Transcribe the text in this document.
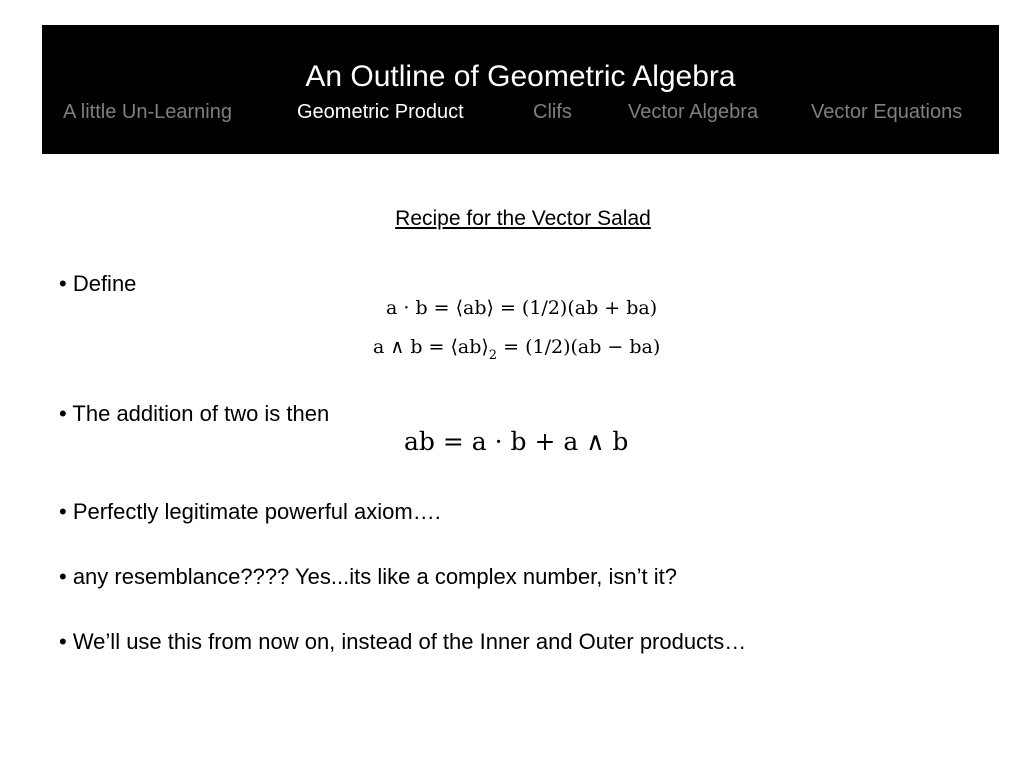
An Outline of Geometric Algebra
A little Un-Learning	Geometric Product	Clifs	Vector Algebra	Vector Equations
Recipe for the Vector Salad
• Define
a · b = ⟨ab⟩ = (1/2)(ab + ba)
a ∧ $b = ⟨ab⟩_2 = (1/2)(ab - ba)$
• The addition of two is then
ab = a · b + a ∧ b
• Perfectly legitimate powerful axiom….
• any resemblance???? Yes...its like a complex number, isn’t it?
• We’ll use this from now on, instead of the Inner and Outer products…
